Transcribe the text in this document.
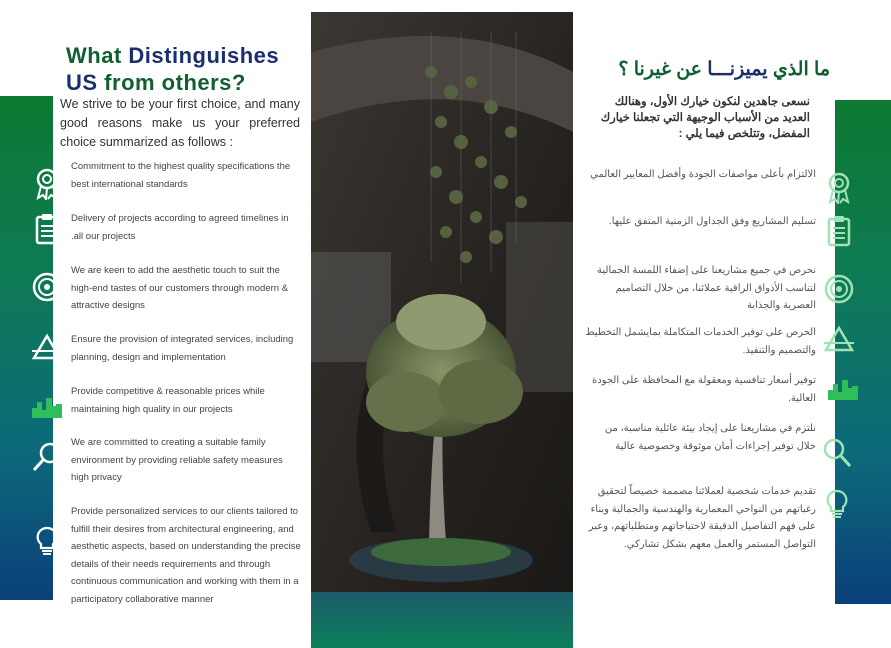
What Distinguishes US from others?
We strive to be your first choice, and many good reasons make us your preferred choice summarized as follows :
Commitment to the highest quality specifications the best international standards
Delivery of projects according to agreed timelines in .all our projects
We are keen to add the aesthetic touch to suit the high-end tastes of our customers through modern & attractive designs
Ensure the provision of integrated services, including planning, design and implementation
Provide competitive & reasonable prices while maintaining high quality in our projects
We are committed to creating a suitable family environment by providing reliable safety measures high privacy
Provide personalized services to our clients tailored to fulfill their desires from architectural engineering, and aesthetic aspects, based on understanding the precise details of their needs requirements and through continuous communication and working with them in a participatory collaborative manner
ما الذي يميزنـــا عن غيرنا ؟
نسعى جاهدين لنكون خيارك الأول، وهنالك العديد من الأسباب الوجيهة التي تجعلنا خيارك المفضل، وتتلخص فيما يلي :
الالتزام بأعلى مواصفات الجودة وأفضل المعايير العالمي
تسليم المشاريع وفق الجداول الزمنية المتفق عليها.
نحرص في جميع مشاريعنا على إضفاء اللمسة الجمالية لتناسب الأذواق الراقية عملائنا، من خلال التصاميم العصرية والجذابة
الحرص على توفير الخدمات المتكاملة بمايشمل التخطيط والتصميم والتنفيذ.
توفير أسعار تنافسية ومعقولة مع المحافظة على الجودة العالية.
نلتزم في مشاريعنا على إيجاد بيئة عائلية مناسبة، من خلال توفير إجراءات أمان موثوقة وخصوصية عالية
تقديم خدمات شخصية لعملائنا مصممة خصيصاً لتحقيق رغباتهم من النواحي المعمارية والهندسية والجمالية وبناء على فهم التفاصيل الدقيقة لاحتياجاتهم ومتطلباتهم، وعبر التواصل المستمر والعمل معهم بشكل تشاركي.
